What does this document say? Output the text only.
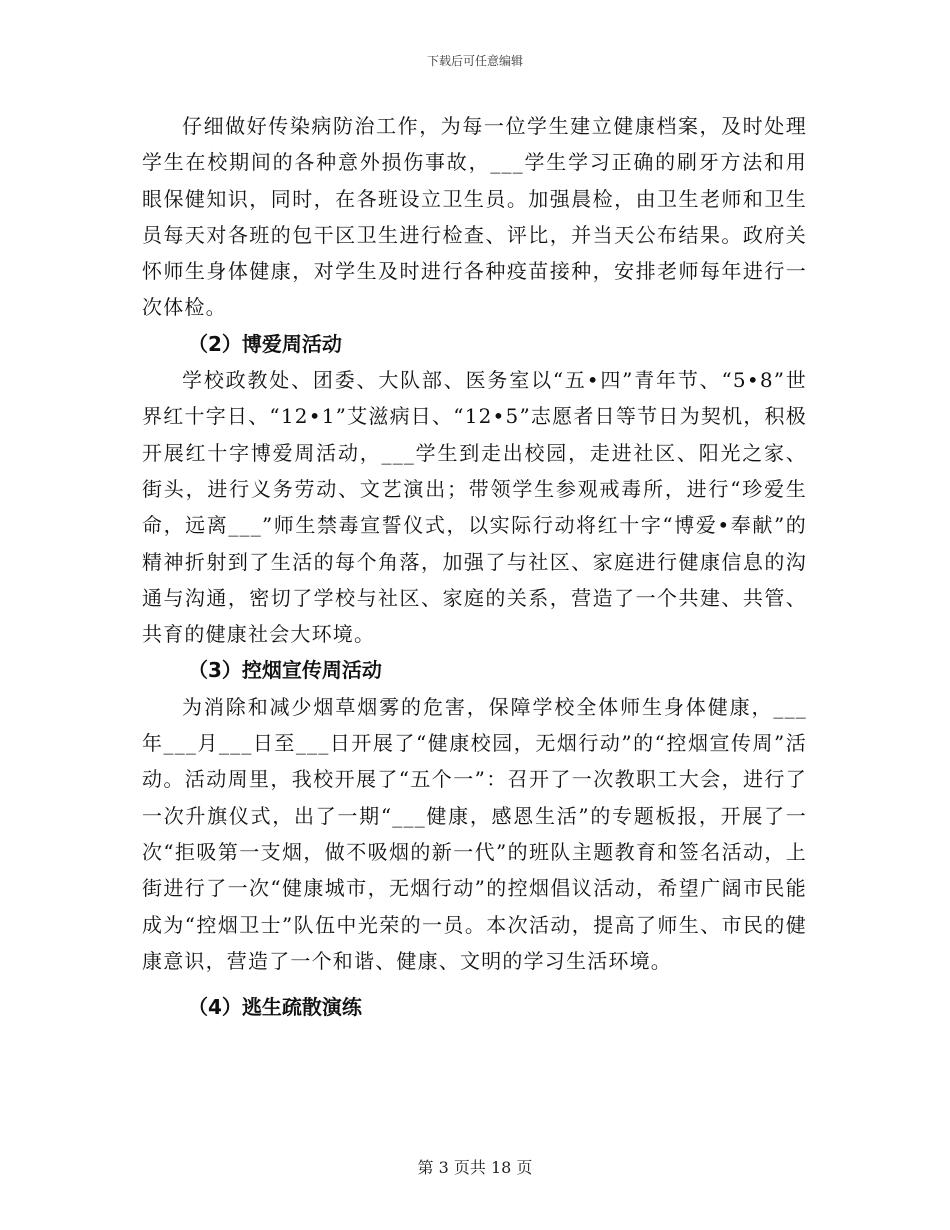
下载后可任意编辑

仔细做好传染病防治工作，为每一位学生建立健康档案，及时处理学生在校期间的各种意外损伤事故，___学生学习正确的刷牙方法和用眼保健知识，同时，在各班设立卫生员。加强晨检，由卫生老师和卫生员每天对各班的包干区卫生进行检查、评比，并当天公布结果。政府关怀师生身体健康，对学生及时进行各种疫苗接种，安排老师每年进行一次体检。

（2）博爱周活动

学校政教处、团委、大队部、医务室以“五•四”青年节、“5•8”世界红十字日、“12•1”艾滋病日、“12•5”志愿者日等节日为契机，积极开展红十字博爱周活动，___学生到走出校园，走进社区、阳光之家、街头，进行义务劳动、文艺演出；带领学生参观戒毒所，进行“珍爱生命，远离___”师生禁毒宣誓仪式，以实际行动将红十字“博爱•奉献”的精神折射到了生活的每个角落，加强了与社区、家庭进行健康信息的沟通与沟通，密切了学校与社区、家庭的关系，营造了一个共建、共管、共育的健康社会大环境。

（3）控烟宣传周活动

为消除和减少烟草烟雾的危害，保障学校全体师生身体健康，___年___月___日至___日开展了“健康校园，无烟行动”的“控烟宣传周”活动。活动周里，我校开展了“五个一”：召开了一次教职工大会，进行了一次升旗仪式，出了一期“___健康，感恩生活”的专题板报，开展了一次“拒吸第一支烟，做不吸烟的新一代”的班队主题教育和签名活动，上街进行了一次“健康城市，无烟行动”的控烟倡议活动，希望广阔市民能成为“控烟卫士”队伍中光荣的一员。本次活动，提高了师生、市民的健康意识，营造了一个和谐、健康、文明的学习生活环境。

（4）逃生疏散演练

第 3 页共 18 页
